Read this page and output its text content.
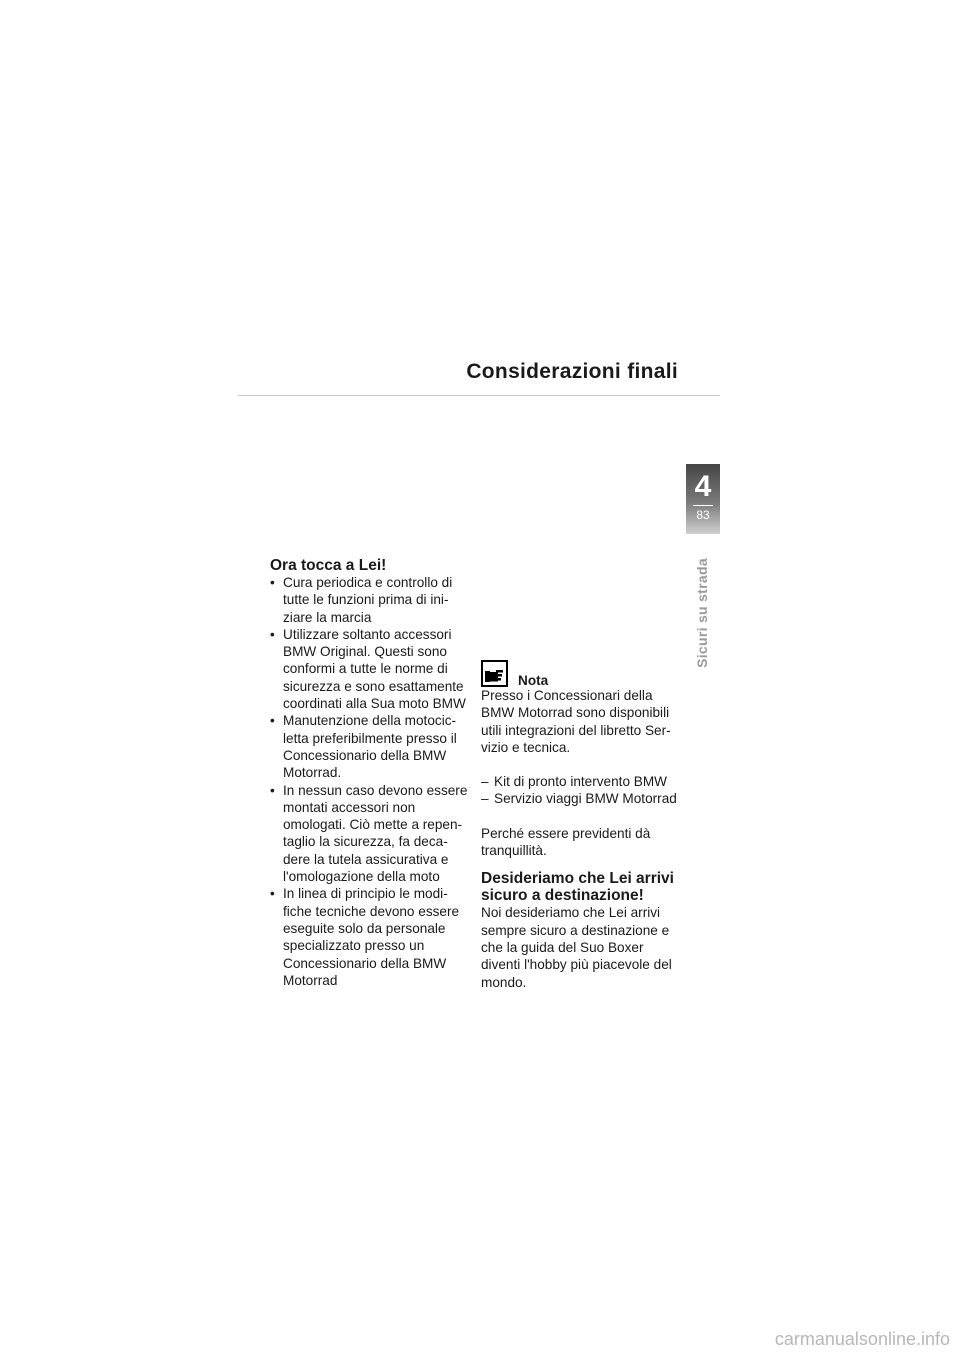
Considerazioni finali
4
83
Sicuri su strada
Ora tocca a Lei!
• Cura periodica e controllo di tutte le funzioni prima di ini-ziare la marcia
• Utilizzare soltanto accessori BMW Original. Questi sono conformi a tutte le norme di sicurezza e sono esattamente coordinati alla Sua moto BMW
• Manutenzione della motocic-letta preferibilmente presso il Concessionario della BMW Motorrad.
• In nessun caso devono essere montati accessori non omologati. Ciò mette a repen-taglio la sicurezza, fa deca-dere la tutela assicurativa e l'omologazione della moto
• In linea di principio le modi-fiche tecniche devono essere eseguite solo da personale specializzato presso un Concessionario della BMW Motorrad
Nota

Presso i Concessionari della BMW Motorrad sono disponibili utili integrazioni del libretto Ser-vizio e tecnica.

– Kit di pronto intervento BMW
– Servizio viaggi BMW Motorrad

Perché essere previdenti dà tranquillità.

Desideriamo che Lei arrivi sicuro a destinazione!

Noi desideriamo che Lei arrivi sempre sicuro a destinazione e che la guida del Suo Boxer diventi l'hobby più piacevole del mondo.

carmanualsonline.info
